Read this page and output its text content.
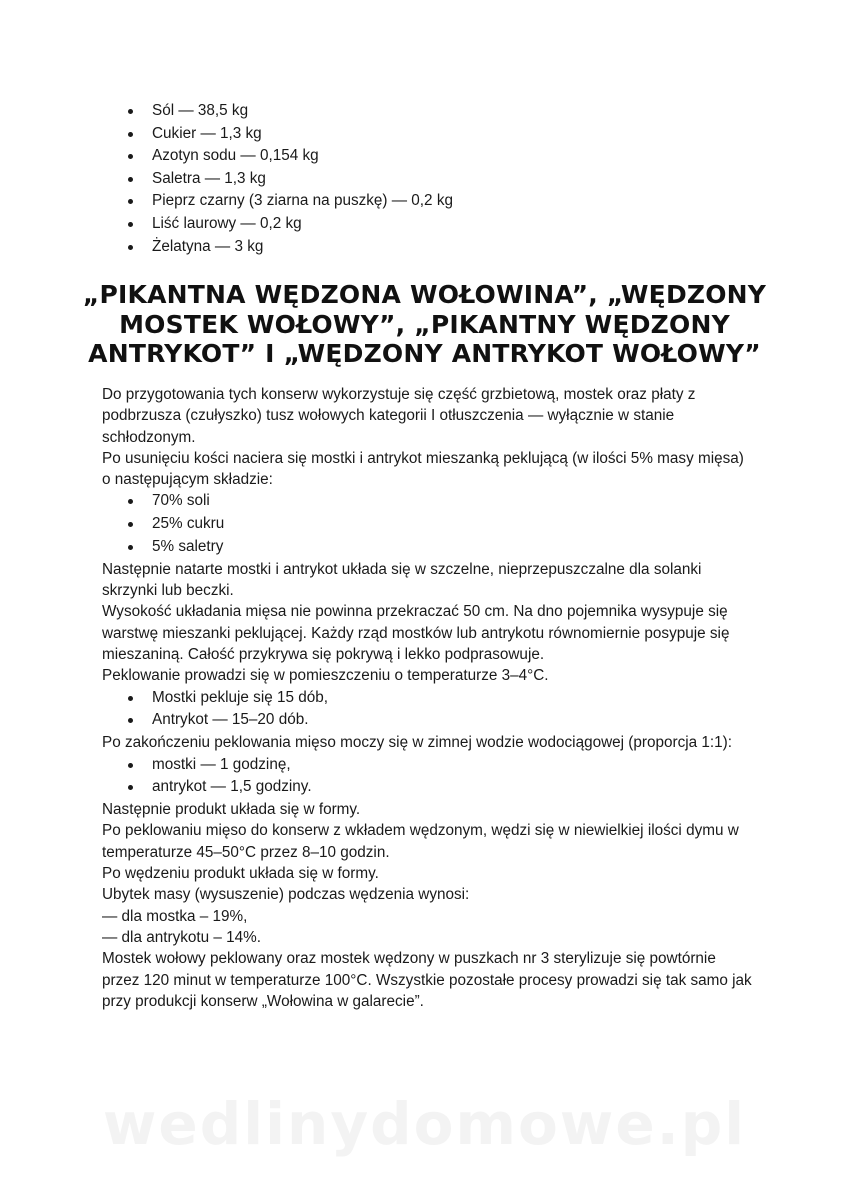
Sól — 38,5 kg
Cukier — 1,3 kg
Azotyn sodu — 0,154 kg
Saletra — 1,3 kg
Pieprz czarny (3 ziarna na puszkę) — 0,2 kg
Liść laurowy — 0,2 kg
Żelatyna — 3 kg
„PIKANTNA WĘDZONA WOŁOWINA”, „WĘDZONY
MOSTEK WOŁOWY”, „PIKANTNY WĘDZONY
ANTRYKOT” I „WĘDZONY ANTRYKOT WOŁOWY”

Do przygotowania tych konserw wykorzystuje się część grzbietową, mostek oraz płaty z podbrzusza (czułyszko) tusz wołowych kategorii I otłuszczenia — wyłącznie w stanie schłodzonym.

Po usunięciu kości naciera się mostki i antrykot mieszanką peklującą (w ilości 5% masy mięsa) o następującym składzie:

70% soli
25% cukru
5% saletry

Następnie natarte mostki i antrykot układa się w szczelne, nieprzepuszczalne dla solanki skrzynki lub beczki.

Wysokość układania mięsa nie powinna przekraczać 50 cm. Na dno pojemnika wysypuje się warstwę mieszanki peklującej. Każdy rząd mostków lub antrykotu równomiernie posypuje się mieszaniną. Całość przykrywa się pokrywą i lekko podprasowuje.

Peklowanie prowadzi się w pomieszczeniu o temperaturze 3–4°C.

Mostki pekluje się 15 dób,
Antrykot — 15–20 dób.

Po zakończeniu peklowania mięso moczy się w zimnej wodzie wodociągowej (proporcja 1:1):

mostki — 1 godzinę,
antrykot — 1,5 godziny.

Następnie produkt układa się w formy.

Po peklowaniu mięso do konserw z wkładem wędzonym, wędzi się w niewielkiej ilości dymu w temperaturze 45–50°C przez 8–10 godzin.

Po wędzeniu produkt układa się w formy.

Ubytek masy (wysuszenie) podczas wędzenia wynosi:

— dla mostka – 19%,

— dla antrykotu – 14%.

Mostek wołowy peklowany oraz mostek wędzony w puszkach nr 3 sterylizuje się powtórnie przez 120 minut w temperaturze 100°C. Wszystkie pozostałe procesy prowadzi się tak samo jak przy produkcji konserw „Wołowina w galarecie”.

wedlinydomowe.pl
